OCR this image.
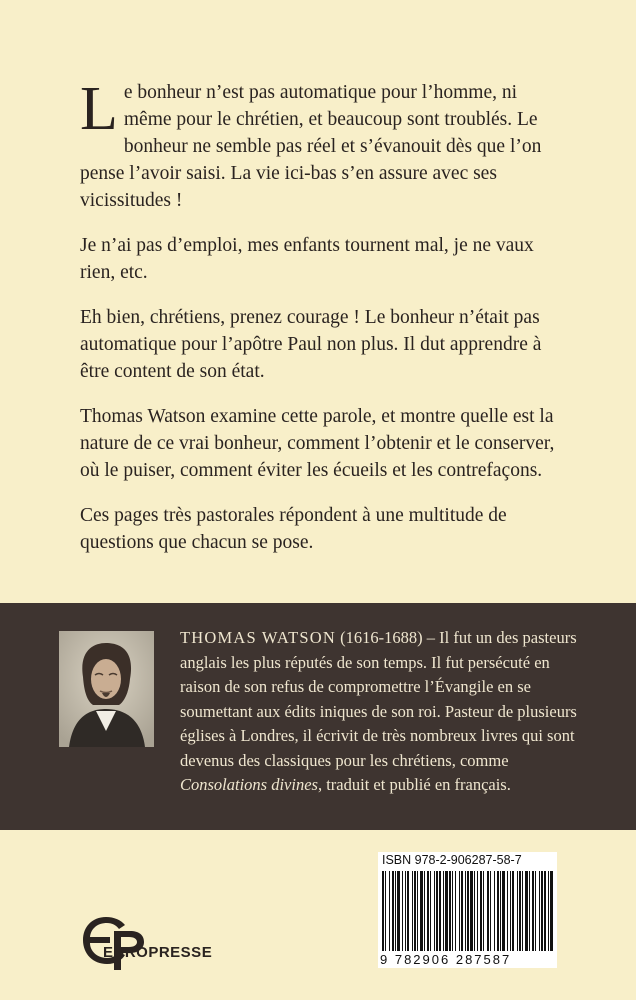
Le bonheur n’est pas automatique pour l’homme, ni même pour le chrétien, et beaucoup sont troublés. Le bonheur ne semble pas réel et s’évanouit dès que l’on pense l’avoir saisi. La vie ici-bas s’en assure avec ses vicissitudes !

Je n’ai pas d’emploi, mes enfants tournent mal, je ne vaux rien, etc.

Eh bien, chrétiens, prenez courage ! Le bonheur n’était pas automatique pour l’apôtre Paul non plus. Il dut apprendre à être content de son état.

Thomas Watson examine cette parole, et montre quelle est la nature de ce vrai bonheur, comment l’obtenir et le conserver, où le puiser, comment éviter les écueils et les contrefaçons.

Ces pages très pastorales répondent à une multitude de questions que chacun se pose.

THOMAS WATSON (1616-1688) – Il fut un des pasteurs anglais les plus réputés de son temps. Il fut persécuté en raison de son refus de compromettre l’Évangile en se soumettant aux édits iniques de son roi. Pasteur de plusieurs églises à Londres, il écrivit de très nombreux livres qui sont devenus des classiques pour les chrétiens, comme Consolations divines, traduit et publié en français.
EUROPRESSE
ISBN 978-2-906287-58-7
9 782906 287587
